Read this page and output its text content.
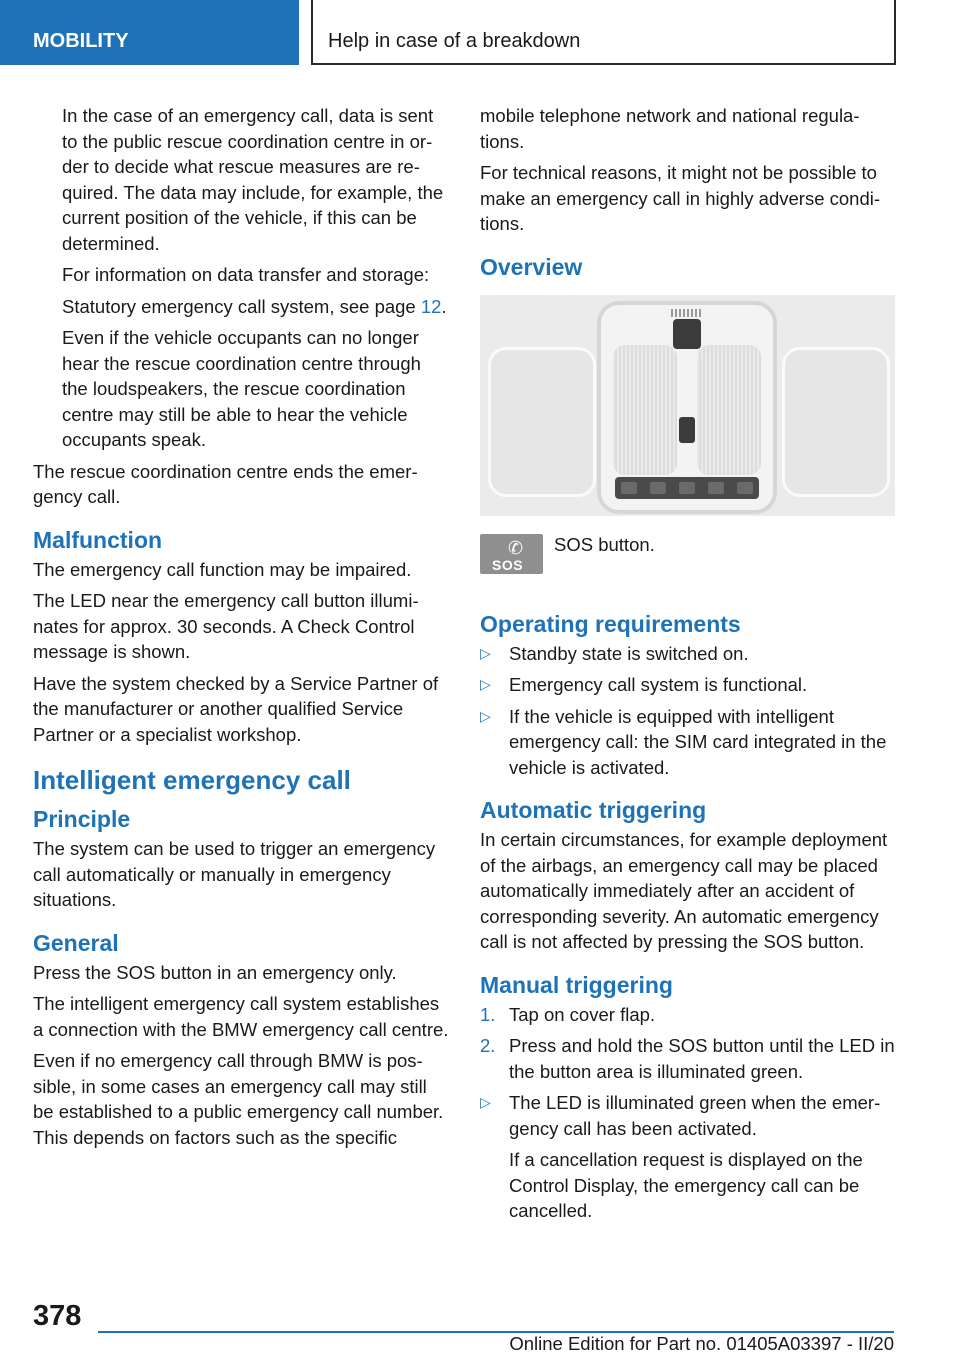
MOBILITY	Help in case of a breakdown
In the case of an emergency call, data is sent to the public rescue coordination centre in order to decide what rescue measures are required. The data may include, for example, the current position of the vehicle, if this can be determined.
For information on data transfer and storage:
Statutory emergency call system, see page 12.
Even if the vehicle occupants can no longer hear the rescue coordination centre through the loudspeakers, the rescue coordination centre may still be able to hear the vehicle occupants speak.
The rescue coordination centre ends the emergency call.
Malfunction
The emergency call function may be impaired.
The LED near the emergency call button illuminates for approx. 30 seconds. A Check Control message is shown.
Have the system checked by a Service Partner of the manufacturer or another qualified Service Partner or a specialist workshop.
Intelligent emergency call
Principle
The system can be used to trigger an emergency call automatically or manually in emergency situations.
General
Press the SOS button in an emergency only.
The intelligent emergency call system establishes a connection with the BMW emergency call centre.
Even if no emergency call through BMW is possible, in some cases an emergency call may still be established to a public emergency call number. This depends on factors such as the specific
mobile telephone network and national regulations.
For technical reasons, it might not be possible to make an emergency call in highly adverse conditions.
Overview
✆
SOS
SOS button.
Operating requirements
▷ Standby state is switched on.
▷ Emergency call system is functional.
▷ If the vehicle is equipped with intelligent emergency call: the SIM card integrated in the vehicle is activated.
Automatic triggering
In certain circumstances, for example deployment of the airbags, an emergency call may be placed automatically immediately after an accident of corresponding severity. An automatic emergency call is not affected by pressing the SOS button.
Manual triggering
1. Tap on cover flap.
2. Press and hold the SOS button until the LED in the button area is illuminated green.
▷ The LED is illuminated green when the emergency call has been activated.
If a cancellation request is displayed on the Control Display, the emergency call can be cancelled.
378
Online Edition for Part no. 01405A03397 - II/20
